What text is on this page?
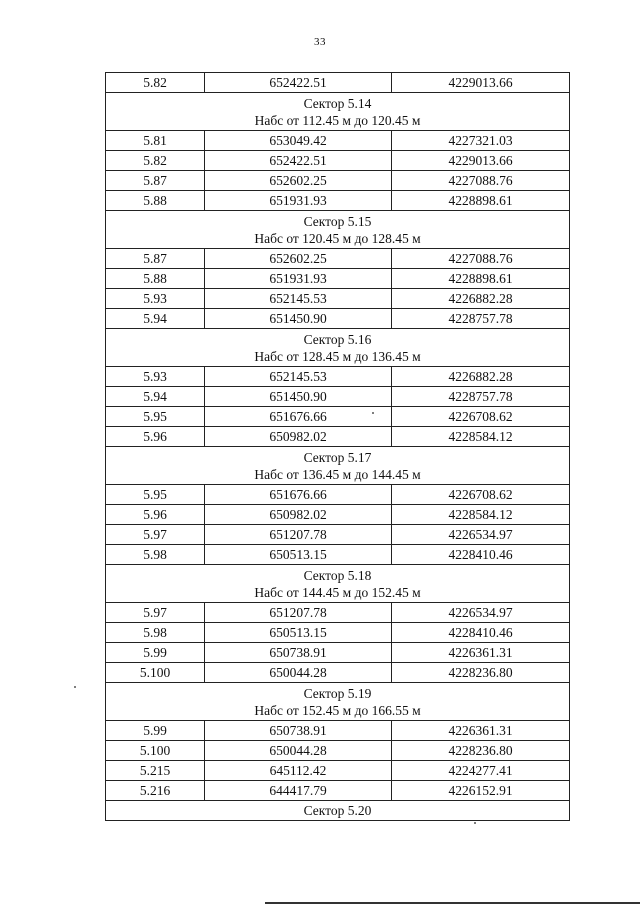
33
5.82	652422.51	4229013.66

Сектор 5.14
Набс от 112.45 м до 120.45 м		

5.81	653049.42	4227321.03
5.82	652422.51	4229013.66
5.87	652602.25	4227088.76
5.88	651931.93	4228898.61

Сектор 5.15
Набс от 120.45 м до 128.45 м		

5.87	652602.25	4227088.76
5.88	651931.93	4228898.61
5.93	652145.53	4226882.28
5.94	651450.90	4228757.78

Сектор 5.16
Набс от 128.45 м до 136.45 м		

5.93	652145.53	4226882.28
5.94	651450.90	4228757.78
5.95	651676.66	4226708.62
5.96	650982.02	4228584.12

Сектор 5.17
Набс от 136.45 м до 144.45 м		

5.95	651676.66	4226708.62
5.96	650982.02	4228584.12
5.97	651207.78	4226534.97
5.98	650513.15	4228410.46

Сектор 5.18
Набс от 144.45 м до 152.45 м		

5.97	651207.78	4226534.97
5.98	650513.15	4228410.46
5.99	650738.91	4226361.31
5.100	650044.28	4228236.80

Сектор 5.19
Набс от 152.45 м до 166.55 м		

5.99	650738.91	4226361.31
5.100	650044.28	4228236.80
5.215	645112.42	4224277.41
5.216	644417.79	4226152.91

Сектор 5.20		
